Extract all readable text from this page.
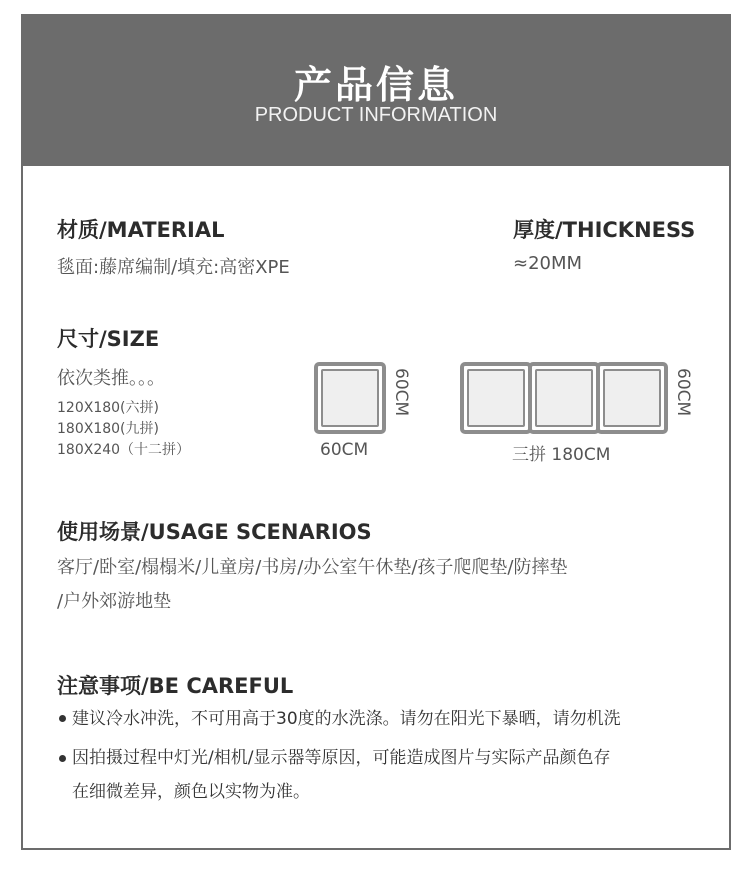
产品信息
PRODUCT INFORMATION
材质/MATERIAL
毯面:藤席编制/填充:高密XPE
厚度/THICKNESS
≈20MM
尺寸/SIZE
依次类推。。。
120X180(六拼)
180X180(九拼)
180X240（十二拼）
60CM
60CM
60CM
三拼 180CM
使用场景/USAGE SCENARIOS
客厅/卧室/榻榻米/儿童房/书房/办公室午休垫/孩子爬爬垫/防摔垫
/户外郊游地垫
注意事项/BE CAREFUL
建议冷水冲洗，不可用高于30度的水洗涤。请勿在阳光下暴晒，请勿机洗
因拍摄过程中灯光/相机/显示器等原因，可能造成图片与实际产品颜色存
在细微差异，颜色以实物为准。
